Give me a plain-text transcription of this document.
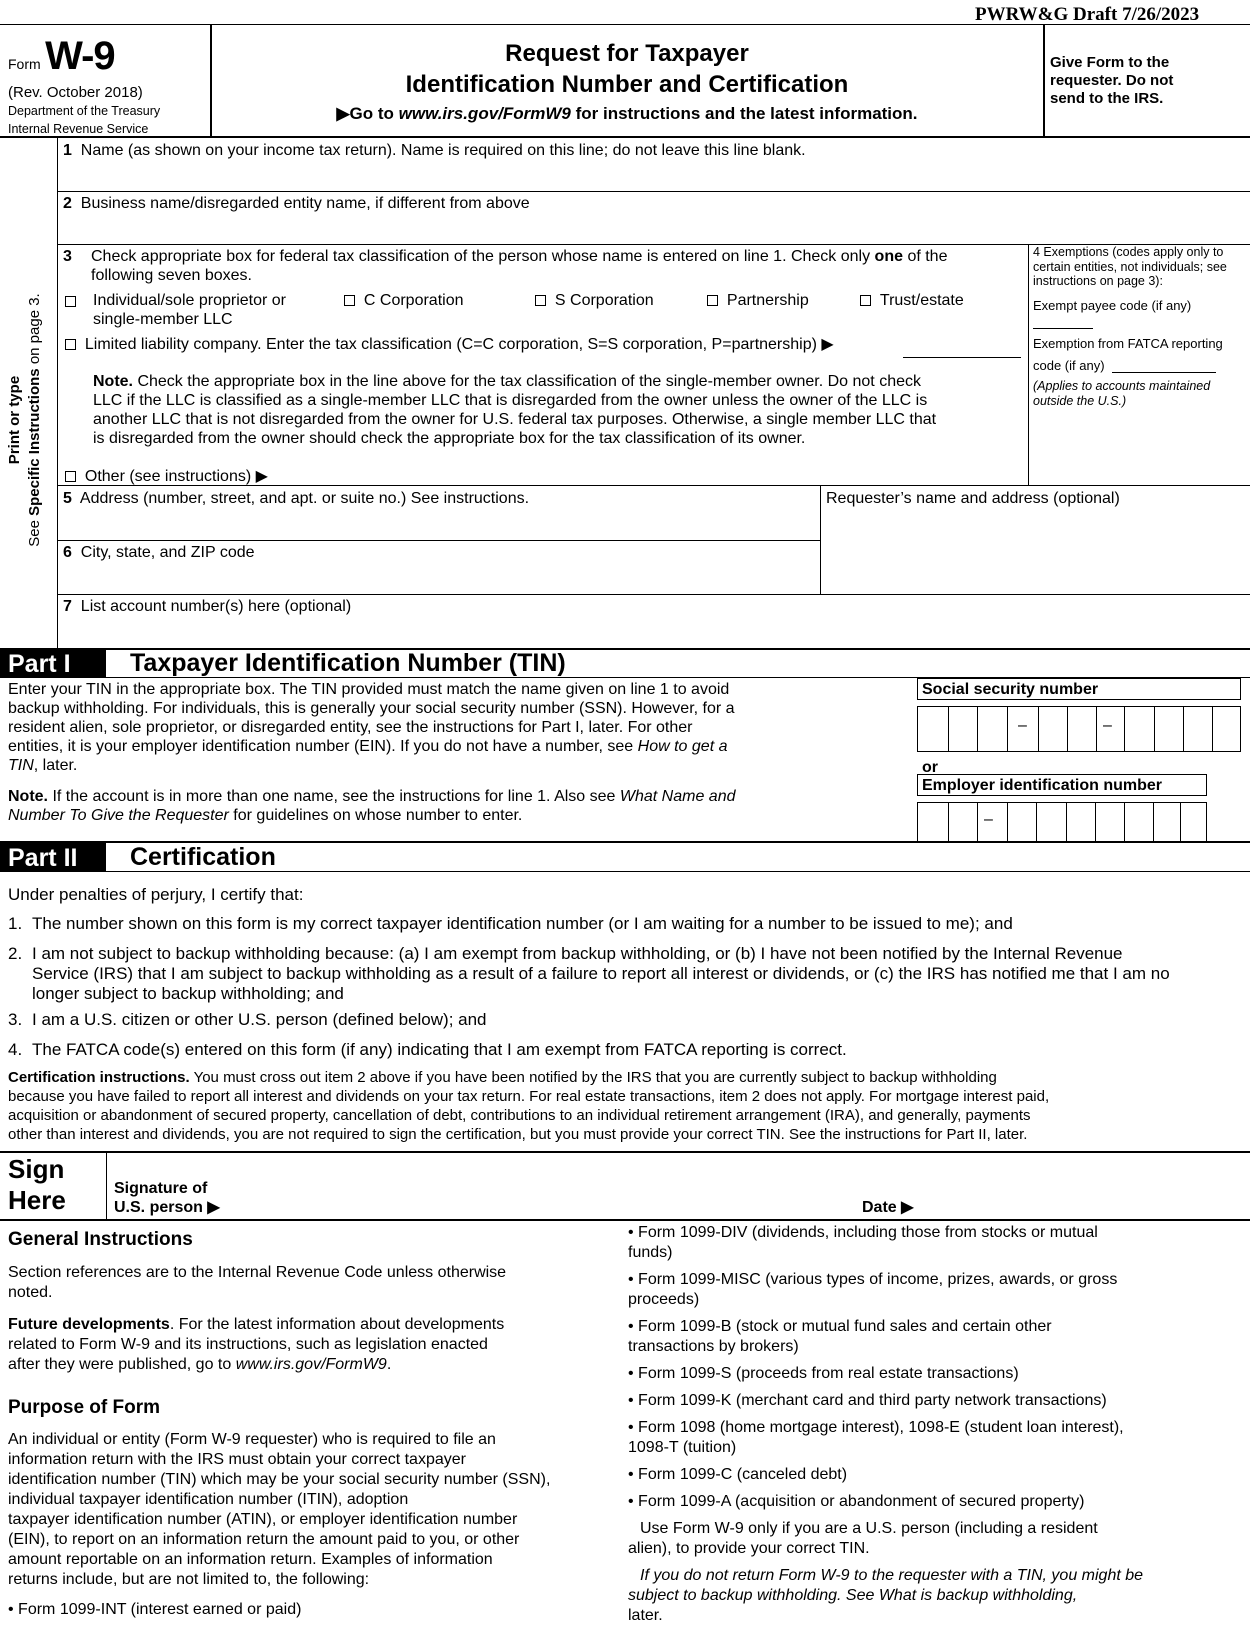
PWRW&G Draft 7/26/2023
Form W-9
(Rev. October 2018)
Department of the Treasury
Internal Revenue Service
Request for Taxpayer
Identification Number and Certification
▶Go to www.irs.gov/FormW9 for instructions and the latest information.
Give Form to the
requester. Do not
send to the IRS.
Print or type
See Specific Instructions on page 3.
1 Name (as shown on your income tax return). Name is required on this line; do not leave this line blank.
2 Business name/disregarded entity name, if different from above
3 Check appropriate box for federal tax classification of the person whose name is entered on line 1. Check only one of the
following seven boxes.
Individual/sole proprietor or
single-member LLC
C Corporation	S Corporation	Partnership	Trust/estate
Limited liability company. Enter the tax classification (C=C corporation, S=S corporation, P=partnership) ▶
Note. Check the appropriate box in the line above for the tax classification of the single-member owner. Do not check
LLC if the LLC is classified as a single-member LLC that is disregarded from the owner unless the owner of the LLC is
another LLC that is not disregarded from the owner for U.S. federal tax purposes. Otherwise, a single member LLC that
is disregarded from the owner should check the appropriate box for the tax classification of its owner.
Other (see instructions) ▶
4 Exemptions (codes apply only to
certain entities, not individuals; see
instructions on page 3):
Exempt payee code (if any)
Exemption from FATCA reporting
code (if any)
(Applies to accounts maintained
outside the U.S.)
5 Address (number, street, and apt. or suite no.) See instructions.	Requester’s name and address (optional)
6 City, state, and ZIP code
7 List account number(s) here (optional)
Part I	Taxpayer Identification Number (TIN)
Enter your TIN in the appropriate box. The TIN provided must match the name given on line 1 to avoid
backup withholding. For individuals, this is generally your social security number (SSN). However, for a
resident alien, sole proprietor, or disregarded entity, see the instructions for Part I, later. For other
entities, it is your employer identification number (EIN). If you do not have a number, see How to get a
TIN, later.
Note. If the account is in more than one name, see the instructions for line 1. Also see What Name and
Number To Give the Requester for guidelines on whose number to enter.
Social security number
–	–
or
Employer identification number
–
Part II	Certification
Under penalties of perjury, I certify that:
1. The number shown on this form is my correct taxpayer identification number (or I am waiting for a number to be issued to me); and
2. I am not subject to backup withholding because: (a) I am exempt from backup withholding, or (b) I have not been notified by the Internal Revenue
Service (IRS) that I am subject to backup withholding as a result of a failure to report all interest or dividends, or (c) the IRS has notified me that I am no
longer subject to backup withholding; and
3. I am a U.S. citizen or other U.S. person (defined below); and
4. The FATCA code(s) entered on this form (if any) indicating that I am exempt from FATCA reporting is correct.
Certification instructions. You must cross out item 2 above if you have been notified by the IRS that you are currently subject to backup withholding
because you have failed to report all interest and dividends on your tax return. For real estate transactions, item 2 does not apply. For mortgage interest paid,
acquisition or abandonment of secured property, cancellation of debt, contributions to an individual retirement arrangement (IRA), and generally, payments
other than interest and dividends, you are not required to sign the certification, but you must provide your correct TIN. See the instructions for Part II, later.
Sign
Here	Signature of
U.S. person ▶	Date ▶
General Instructions
Section references are to the Internal Revenue Code unless otherwise
noted.
Future developments. For the latest information about developments
related to Form W-9 and its instructions, such as legislation enacted
after they were published, go to www.irs.gov/FormW9.
Purpose of Form
An individual or entity (Form W-9 requester) who is required to file an
information return with the IRS must obtain your correct taxpayer
identification number (TIN) which may be your social security number (SSN),
individual taxpayer identification number (ITIN), adoption
taxpayer identification number (ATIN), or employer identification number
(EIN), to report on an information return the amount paid to you, or other
amount reportable on an information return. Examples of information
returns include, but are not limited to, the following:
• Form 1099-INT (interest earned or paid)
• Form 1099-DIV (dividends, including those from stocks or mutual
funds)
• Form 1099-MISC (various types of income, prizes, awards, or gross
proceeds)
• Form 1099-B (stock or mutual fund sales and certain other
transactions by brokers)
• Form 1099-S (proceeds from real estate transactions)
• Form 1099-K (merchant card and third party network transactions)
• Form 1098 (home mortgage interest), 1098-E (student loan interest),
1098-T (tuition)
• Form 1099-C (canceled debt)
• Form 1099-A (acquisition or abandonment of secured property)
Use Form W-9 only if you are a U.S. person (including a resident
alien), to provide your correct TIN.
If you do not return Form W-9 to the requester with a TIN, you might be
subject to backup withholding. See What is backup withholding,
later.
